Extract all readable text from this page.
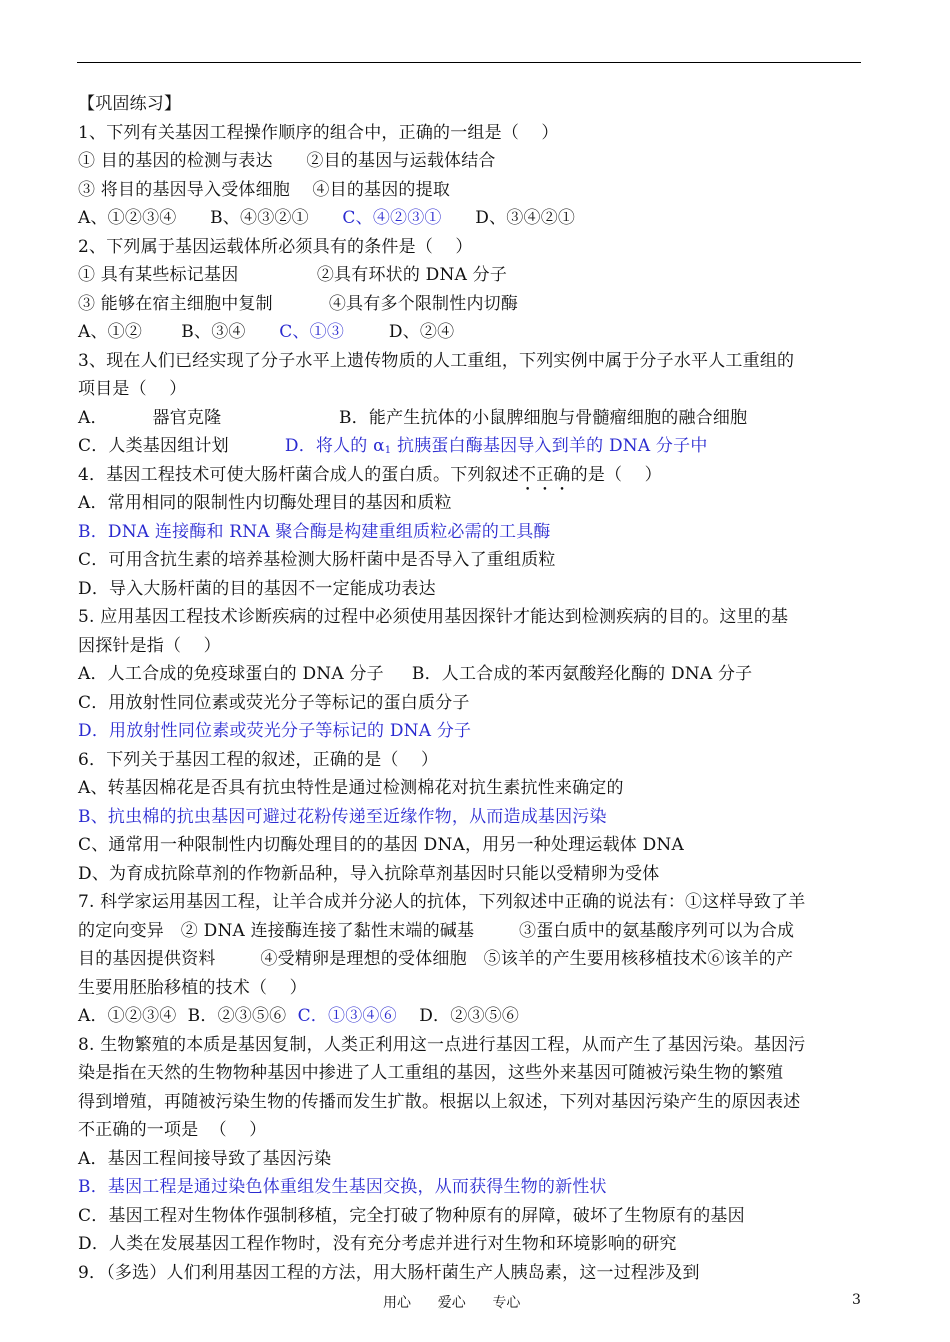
【巩固练习】
1、下列有关基因工程操作顺序的组合中，正确的一组是（    ）
① 目的基因的检测与表达      ②目的基因与运载体结合
③ 将目的基因导入受体细胞    ④目的基因的提取
A、①②③④      B、④③②①      C、④②③①      D、③④②①
2、下列属于基因运载体所必须具有的条件是（    ）
① 具有某些标记基因              ②具有环状的 DNA 分子
③ 能够在宿主细胞中复制          ④具有多个限制性内切酶
A、①②       B、③④      C、①③        D、②④
3、现在人们已经实现了分子水平上遗传物质的人工重组，下列实例中属于分子水平人工重组的
项目是（    ）
A．        器官克隆                     B．能产生抗体的小鼠脾细胞与骨髓瘤细胞的融合细胞
C．人类基因组计划          D．将人的 $\alpha_1$ 抗胰蛋白酶基因导入到羊的 DNA 分子中
4．基因工程技术可使大肠杆菌合成人的蛋白质。下列叙述不正确的是（    ）
A．常用相同的限制性内切酶处理目的基因和质粒
B．DNA 连接酶和 RNA 聚合酶是构建重组质粒必需的工具酶
C．可用含抗生素的培养基检测大肠杆菌中是否导入了重组质粒
D．导入大肠杆菌的目的基因不一定能成功表达
5. 应用基因工程技术诊断疾病的过程中必须使用基因探针才能达到检测疾病的目的。这里的基
因探针是指（    ）
A．人工合成的免疫球蛋白的 DNA 分子     B．人工合成的苯丙氨酸羟化酶的 DNA 分子
C．用放射性同位素或荧光分子等标记的蛋白质分子
D．用放射性同位素或荧光分子等标记的 DNA 分子
6．下列关于基因工程的叙述，正确的是（    ）
A、转基因棉花是否具有抗虫特性是通过检测棉花对抗生素抗性来确定的
B、抗虫棉的抗虫基因可避过花粉传递至近缘作物，从而造成基因污染
C、通常用一种限制性内切酶处理目的的基因 DNA，用另一种处理运载体 DNA
D、为育成抗除草剂的作物新品种，导入抗除草剂基因时只能以受精卵为受体
7. 科学家运用基因工程，让羊合成并分泌人的抗体，下列叙述中正确的说法有：①这样导致了羊
的定向变异   ② DNA 连接酶连接了黏性末端的碱基        ③蛋白质中的氨基酸序列可以为合成
目的基因提供资料        ④受精卵是理想的受体细胞   ⑤该羊的产生要用核移植技术⑥该羊的产
生要用胚胎移植的技术（    ）
A．①②③④  B．②③⑤⑥  C．①③④⑥    D．②③⑤⑥
8. 生物繁殖的本质是基因复制，人类正利用这一点进行基因工程，从而产生了基因污染。基因污
染是指在天然的生物物种基因中掺进了人工重组的基因，这些外来基因可随被污染生物的繁殖
得到增殖，再随被污染生物的传播而发生扩散。根据以上叙述，下列对基因污染产生的原因表述
不正确的一项是  （    ）
A．基因工程间接导致了基因污染
B．基因工程是通过染色体重组发生基因交换，从而获得生物的新性状
C．基因工程对生物体作强制移植，完全打破了物种原有的屏障，破坏了生物原有的基因
D．人类在发展基因工程作物时，没有充分考虑并进行对生物和环境影响的研究
9．（多选）人们利用基因工程的方法，用大肠杆菌生产人胰岛素，这一过程涉及到
用心      爱心      专心	3
